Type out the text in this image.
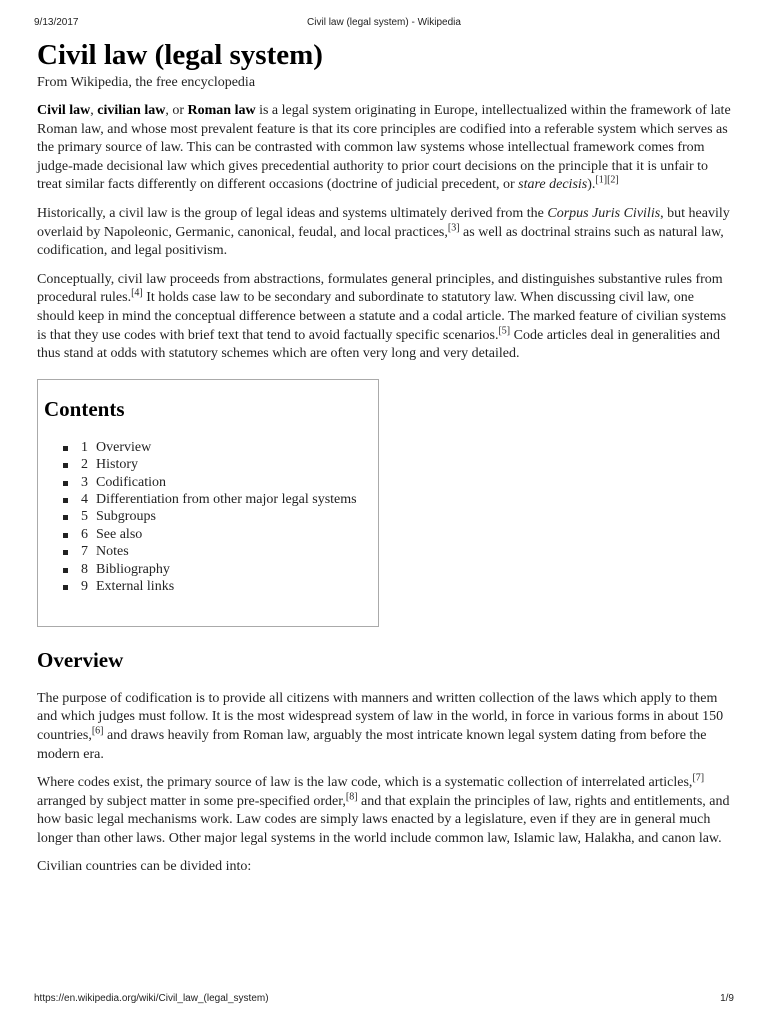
9/13/2017	Civil law (legal system) - Wikipedia
Civil law (legal system)
From Wikipedia, the free encyclopedia

Civil law, civilian law, or Roman law is a legal system originating in Europe, intellectualized within the framework of late Roman law, and whose most prevalent feature is that its core principles are codified into a referable system which serves as the primary source of law. This can be contrasted with common law systems whose intellectual framework comes from judge-made decisional law which gives precedential authority to prior court decisions on the principle that it is unfair to treat similar facts differently on different occasions (doctrine of judicial precedent, or stare decisis).[1][2]

Historically, a civil law is the group of legal ideas and systems ultimately derived from the Corpus Juris Civilis, but heavily overlaid by Napoleonic, Germanic, canonical, feudal, and local practices,[3] as well as doctrinal strains such as natural law, codification, and legal positivism.

Conceptually, civil law proceeds from abstractions, formulates general principles, and distinguishes substantive rules from procedural rules.[4] It holds case law to be secondary and subordinate to statutory law. When discussing civil law, one should keep in mind the conceptual difference between a statute and a codal article. The marked feature of civilian systems is that they use codes with brief text that tend to avoid factually specific scenarios.[5] Code articles deal in generalities and thus stand at odds with statutory schemes which are often very long and very detailed.

Contents
1 Overview
2 History
3 Codification
4 Differentiation from other major legal systems
5 Subgroups
6 See also
7 Notes
8 Bibliography
9 External links
Overview

The purpose of codification is to provide all citizens with manners and written collection of the laws which apply to them and which judges must follow. It is the most widespread system of law in the world, in force in various forms in about 150 countries,[6] and draws heavily from Roman law, arguably the most intricate known legal system dating from before the modern era.

Where codes exist, the primary source of law is the law code, which is a systematic collection of interrelated articles,[7] arranged by subject matter in some pre-specified order,[8] and that explain the principles of law, rights and entitlements, and how basic legal mechanisms work. Law codes are simply laws enacted by a legislature, even if they are in general much longer than other laws. Other major legal systems in the world include common law, Islamic law, Halakha, and canon law.

Civilian countries can be divided into:

https://en.wikipedia.org/wiki/Civil_law_(legal_system)	1/9
